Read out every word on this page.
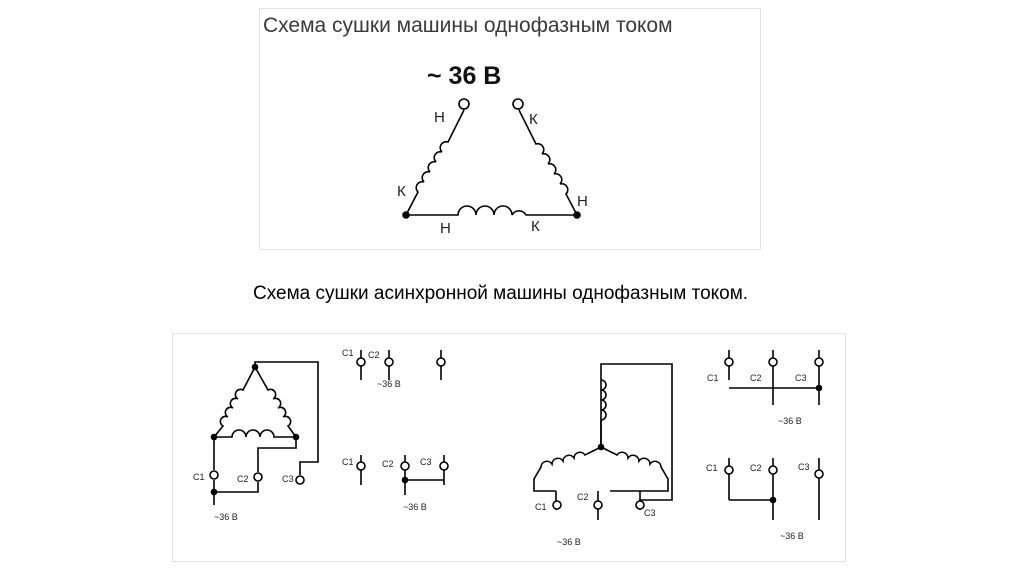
Схема сушки машины однофазным током
~ 36 В
Схема сушки асинхронной машины однофазным током.
Н	К
К
Н
Н	К
C1	C2	C3
~36 В
C1 C2
~36 В
C1	C2	C3
~36 В	C1
C2
C3
~36 В
C1	C2	C3
~36 В
C1	C2	C3
~36 В
